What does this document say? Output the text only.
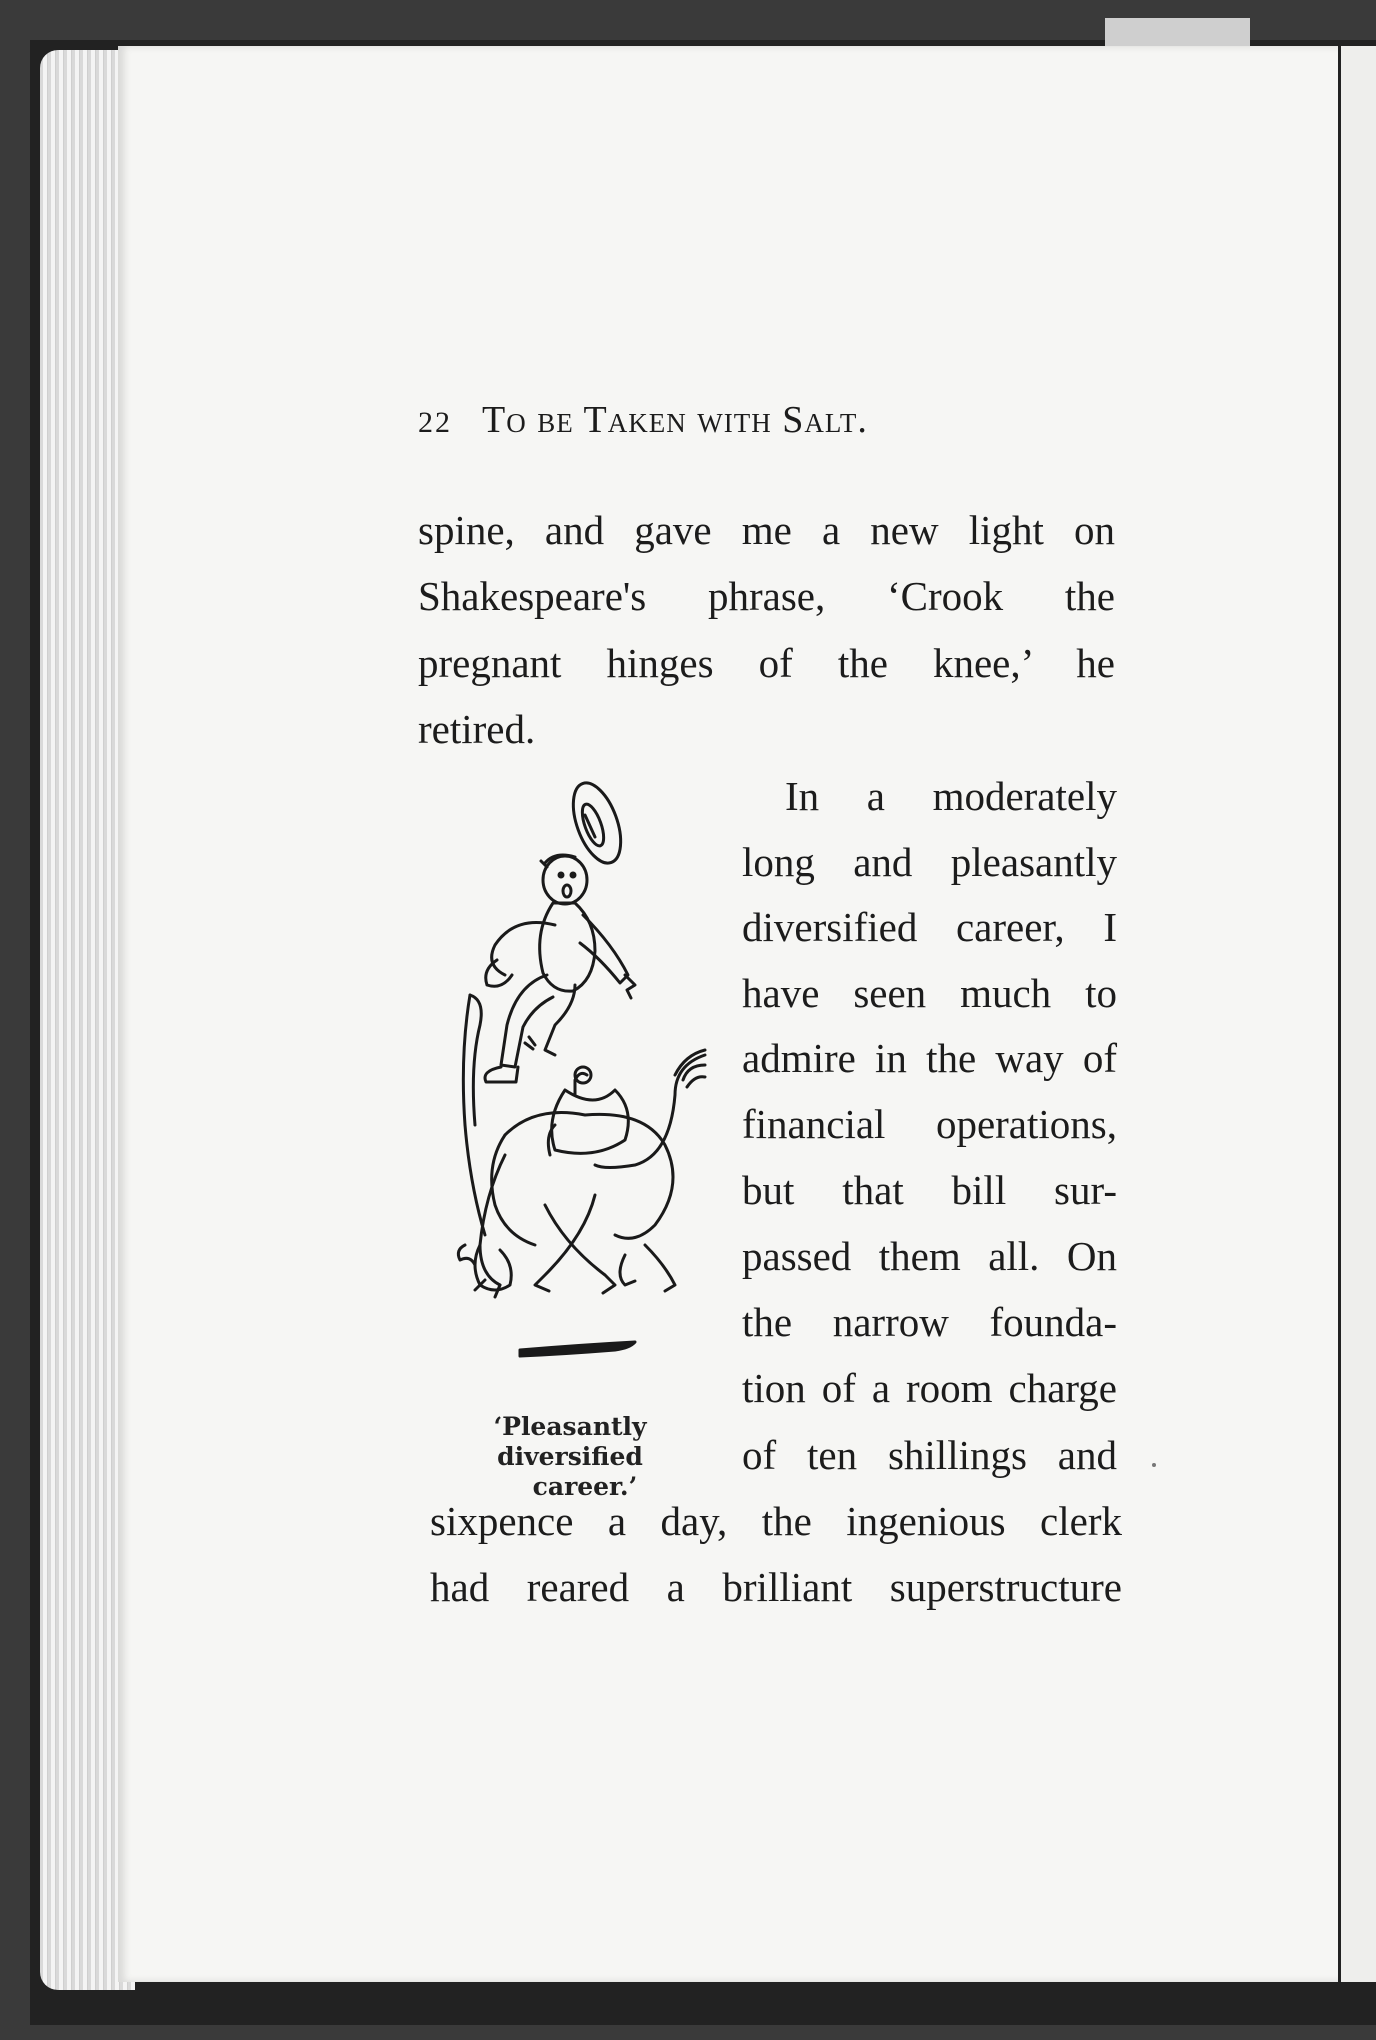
22 To be Taken with Salt.
spine, and gave me a new light on
Shakespeare's phrase, ‘Crook the
pregnant hinges of the knee,’ he
retired.
In a moderately
long and pleasantly
diversified career, I
have seen much to
admire in the way of
financial operations,
but that bill sur-
passed them all. On
the narrow founda-
tion of a room charge
of ten shillings and
sixpence a day, the ingenious clerk
had reared a brilliant superstructure
‘Pleasantly diversified
career.’
